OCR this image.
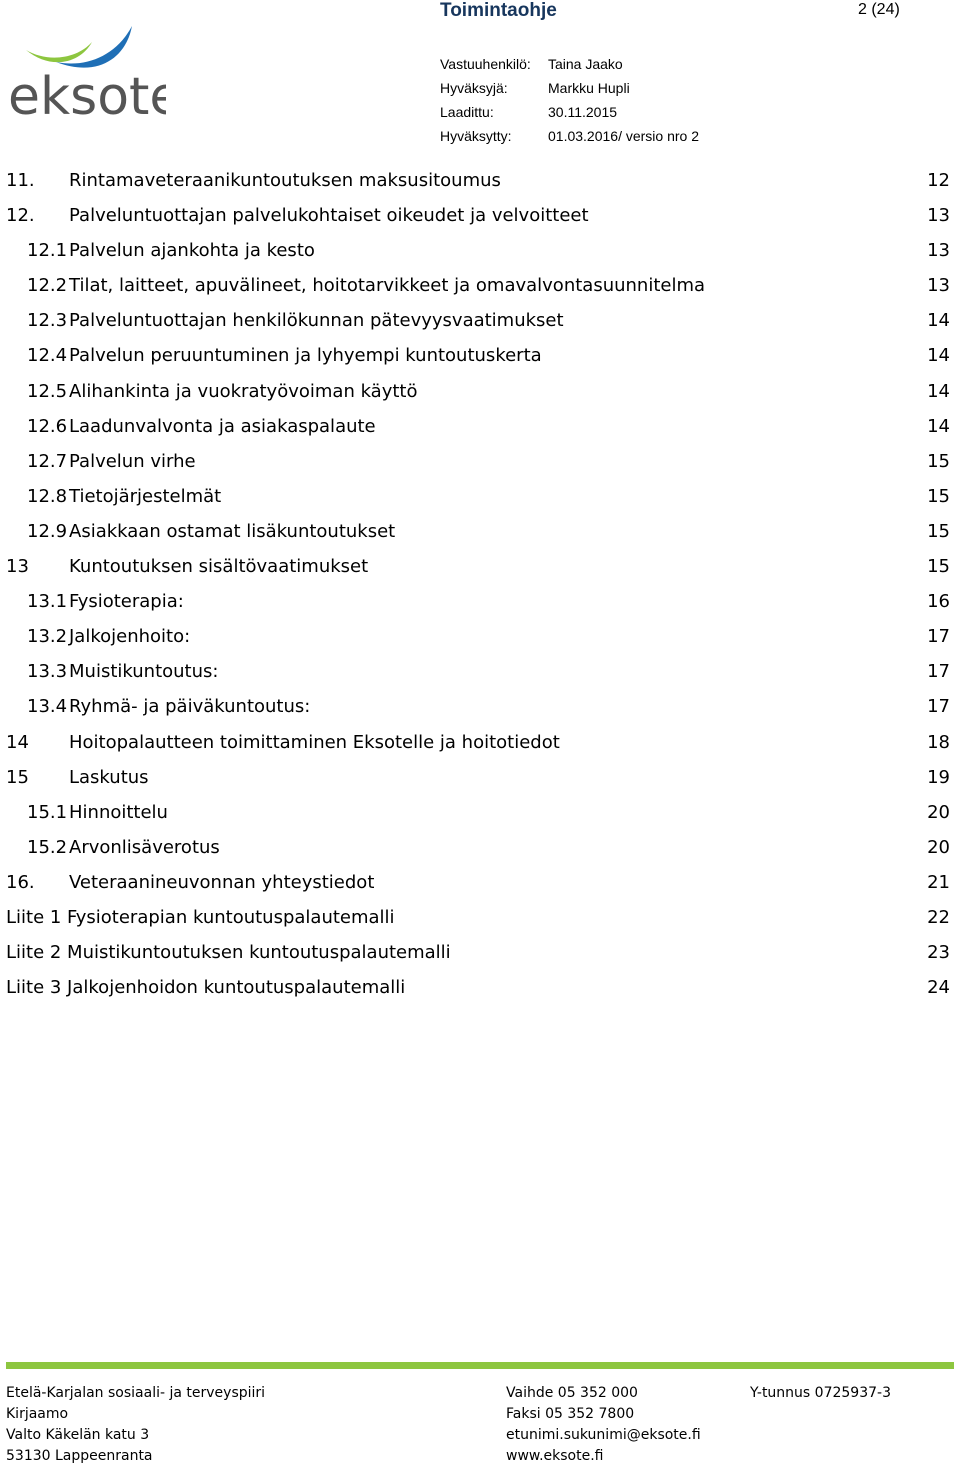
eksote
Toimintaohje	2 (24)
Vastuuhenkilö:	Taina Jaako
Hyväksyjä:	Markku Hupli
Laadittu:	30.11.2015
Hyväksytty:	01.03.2016/ versio nro 2
11. Rintamaveteraanikuntoutuksen maksusitoumus	12
12. Palveluntuottajan palvelukohtaiset oikeudet ja velvoitteet	13
12.1 Palvelun ajankohta ja kesto	13
12.2 Tilat, laitteet, apuvälineet, hoitotarvikkeet ja omavalvontasuunnitelma	13
12.3 Palveluntuottajan henkilökunnan pätevyysvaatimukset	14
12.4 Palvelun peruuntuminen ja lyhyempi kuntoutuskerta	14
12.5 Alihankinta ja vuokratyövoiman käyttö	14
12.6 Laadunvalvonta ja asiakaspalaute	14
12.7 Palvelun virhe	15
12.8 Tietojärjestelmät	15
12.9 Asiakkaan ostamat lisäkuntoutukset	15
13 Kuntoutuksen sisältövaatimukset	15
13.1 Fysioterapia:	16
13.2 Jalkojenhoito:	17
13.3 Muistikuntoutus:	17
13.4 Ryhmä- ja päiväkuntoutus:	17
14 Hoitopalautteen toimittaminen Eksotelle ja hoitotiedot	18
15 Laskutus	19
15.1 Hinnoittelu	20
15.2 Arvonlisäverotus	20
16. Veteraanineuvonnan yhteystiedot	21
Liite 1 Fysioterapian kuntoutuspalautemalli	22
Liite 2 Muistikuntoutuksen kuntoutuspalautemalli	23
Liite 3 Jalkojenhoidon kuntoutuspalautemalli	24
Etelä-Karjalan sosiaali- ja terveyspiiri
Kirjaamo
Valto Käkelän katu 3
53130 Lappeenranta
Vaihde 05 352 000
Faksi 05 352 7800
etunimi.sukunimi@eksote.fi
www.eksote.fi
Y-tunnus 0725937-3
